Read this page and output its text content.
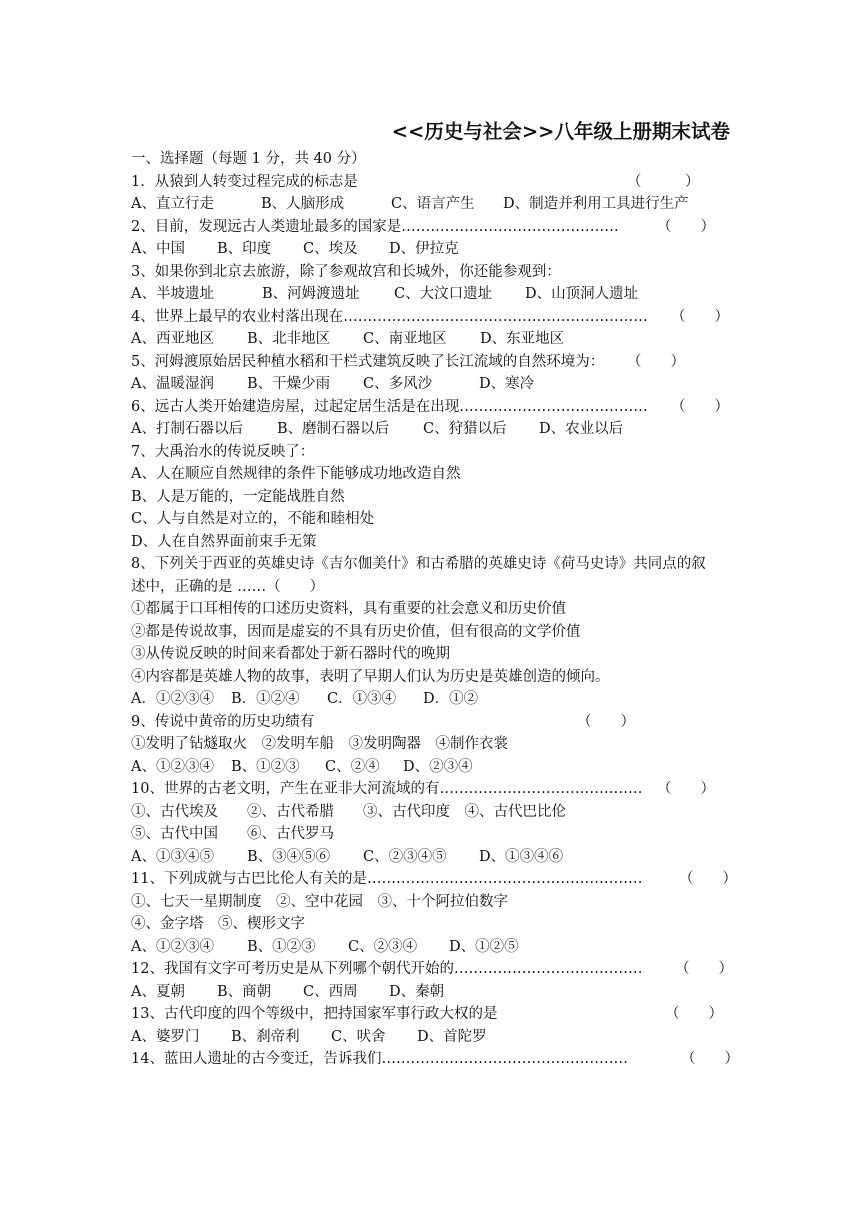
<<历史与社会>>八年级上册期末试卷
一、选择题（每题 1 分，共 40 分）
1．从猿到人转变过程完成的标志是	（　　　）
A、直立行走	B、人脑形成	C、语言产生 D、制造并利用工具进行生产
2、目前，发现远古人类遗址最多的国家是………………………………………	（　　）
A、中国 B、印度 C、埃及 D、伊拉克
3、如果你到北京去旅游，除了参观故宫和长城外，你还能参观到：
A、半坡遗址	B、河姆渡遗址 C、大汶口遗址 D、山顶洞人遗址
4、世界上最早的农业村落出现在……………………………………………………… （　　）
A、西亚地区 B、北非地区 C、南亚地区 D、东亚地区
5、河姆渡原始居民种植水稻和干栏式建筑反映了长江流域的自然环境为： （　　）
A、温暖湿润 B、干燥少雨 C、多风沙	D、寒冷
6、远古人类开始建造房屋，过起定居生活是在出现………………………………… （　　）
A、打制石器以后 B、磨制石器以后 C、狩猎以后 D、农业以后
7、大禹治水的传说反映了：
A、人在顺应自然规律的条件下能够成功地改造自然
B、人是万能的，一定能战胜自然
C、人与自然是对立的，不能和睦相处
D、人在自然界面前束手无策
8、下列关于西亚的英雄史诗《吉尔伽美什》和古希腊的英雄史诗《荷马史诗》共同点的叙
述中，正确的是 ……（　　）
①都属于口耳相传的口述历史资料，具有重要的社会意义和历史价值
②都是传说故事，因而是虚妄的不具有历史价值，但有很高的文学价值
③从传说反映的时间来看都处于新石器时代的晚期
④内容都是英雄人物的故事，表明了早期人们认为历史是英雄创造的倾向。
A．①②③④ B．①②④ C．①③④ D．①②
9、传说中黄帝的历史功绩有	（　　）
①发明了钻燧取火　②发明车船　③发明陶器　④制作衣裳
A、①②③④ B、①②③ C、②④ D、②③④
10、世界的古老文明，产生在亚非大河流域的有…………………………………… （　　）
①、古代埃及　　②、古代希腊　　③、古代印度　④、古代巴比伦
⑤、古代中国　　⑥、古代罗马
A、①③④⑤ B、③④⑤⑥ C、②③④⑤ D、①③④⑥
11、下列成就与古巴比伦人有关的是…………………………………………………	（　　）
①、七天一星期制度　②、空中花园　③、十个阿拉伯数字
④、金字塔　⑤、楔形文字
A、①②③④ B、①②③ C、②③④ D、①②⑤
12、我国有文字可考历史是从下列哪个朝代开始的………………………………… （　　）
A、夏朝 B、商朝 C、西周 D、秦朝
13、古代印度的四个等级中，把持国家军事行政大权的是	（　　）
A、婆罗门 B、刹帝利 C、吠舍 D、首陀罗
14、蓝田人遗址的古今变迁，告诉我们……………………………………………	（　　）
